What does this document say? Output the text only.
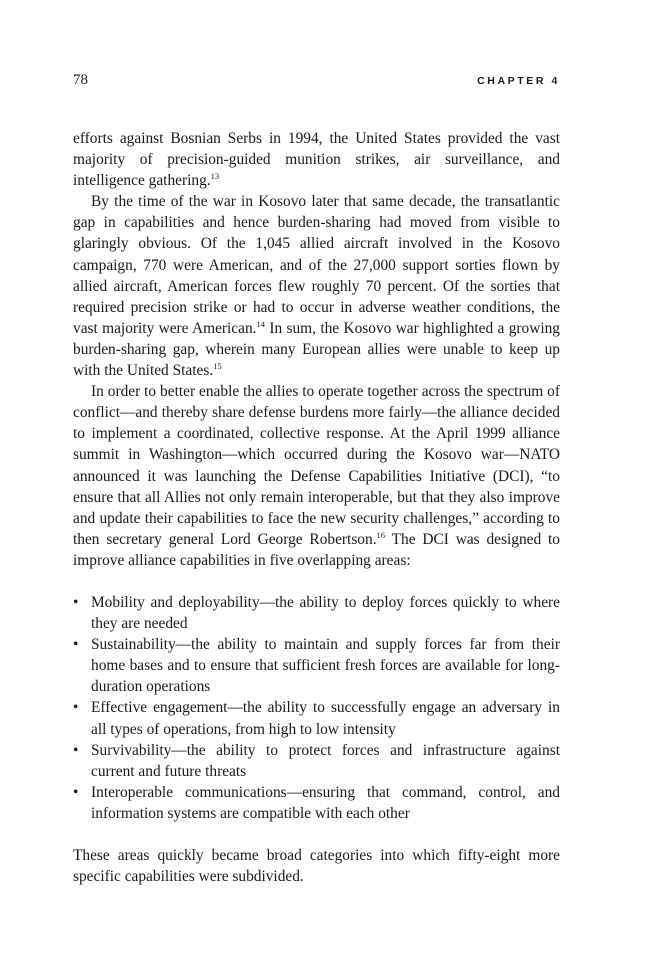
78	CHAPTER 4

efforts against Bosnian Serbs in 1994, the United States provided the vast majority of precision-guided munition strikes, air surveillance, and intelligence gathering.$^{13}$

By the time of the war in Kosovo later that same decade, the transatlantic gap in capabilities and hence burden-sharing had moved from visible to glaringly obvious. Of the 1,045 allied aircraft involved in the Kosovo campaign, 770 were American, and of the 27,000 support sorties flown by allied aircraft, American forces flew roughly 70 percent. Of the sorties that required precision strike or had to occur in adverse weather conditions, the vast majority were American.$^{14}$ In sum, the Kosovo war highlighted a growing burden-sharing gap, wherein many European allies were unable to keep up with the United States.$^{15}$

In order to better enable the allies to operate together across the spectrum of conflict—and thereby share defense burdens more fairly—the alliance decided to implement a coordinated, collective response. At the April 1999 alliance summit in Washington—which occurred during the Kosovo war—NATO announced it was launching the Defense Capabilities Initiative (DCI), “to ensure that all Allies not only remain interoperable, but that they also improve and update their capabilities to face the new security challenges,” according to then secretary general Lord George Robertson.$^{16}$ The DCI was designed to improve alliance capabilities in five overlapping areas:

• Mobility and deployability—the ability to deploy forces quickly to where they are needed
• Sustainability—the ability to maintain and supply forces far from their home bases and to ensure that sufficient fresh forces are available for long-duration operations
• Effective engagement—the ability to successfully engage an adversary in all types of operations, from high to low intensity
• Survivability—the ability to protect forces and infrastructure against current and future threats
• Interoperable communications—ensuring that command, control, and information systems are compatible with each other

These areas quickly became broad categories into which fifty-eight more specific capabilities were subdivided.
